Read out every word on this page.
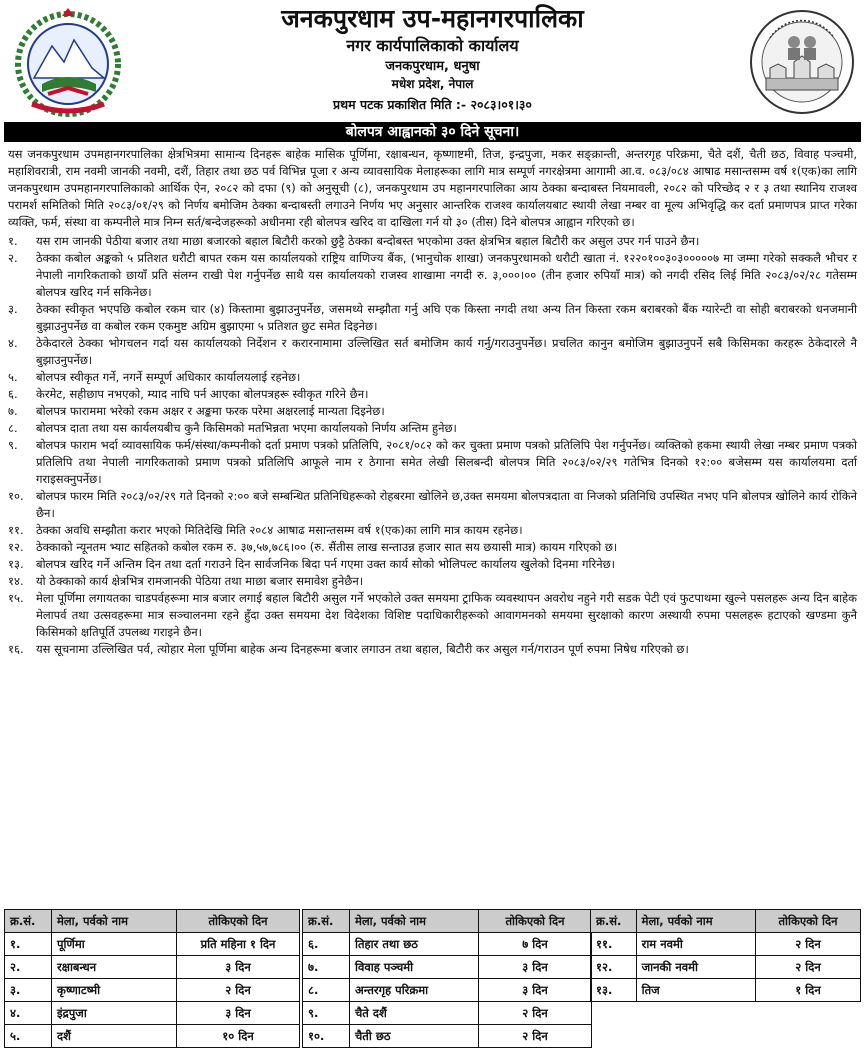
जनकपुरधाम उप-महानगरपालिका
नगर कार्यपालिकाको कार्यालय
जनकपुरधाम, धनुषा
मधेश प्रदेश, नेपाल
प्रथम पटक प्रकाशित मिति :- २०८३।०१।३०
बोलपत्र आह्वानको ३० दिने सूचना।

यस जनकपुरधाम उपमहानगरपालिका क्षेत्रभित्रमा सामान्य दिनहरू बाहेक मासिक पूर्णिमा, रक्षाबन्धन, कृष्णाष्टमी, तिज, इन्द्रपुजा, मकर सङ्क्रान्ती, अन्तरगृह परिक्रमा, चैते दशैं, चैती छठ, विवाह पञ्चमी, महाशिवरात्री, राम नवमी जानकी नवमी, दशैं, तिहार तथा छठ पर्व विभिन्न पूजा र अन्य व्यावसायिक मेलाहरूका लागि मात्र सम्पूर्ण नगरक्षेत्रमा आगामी आ.व. ०८३/०८४ आषाढ मसान्तसम्म वर्ष १(एक)का लागि जनकपुरधाम उपमहानगरपालिकाको आर्थिक ऐन, २०८२ को दफा (९) को अनुसूची (८), जनकपुरधाम उप महानगरपालिका आय ठेक्का बन्दाबस्त नियमावली, २०८२ को परिच्छेद २ र ३ तथा स्थानिय राजश्व परामर्श समितिको मिति २०८३/०१/२९ को निर्णय बमोजिम ठेक्का बन्दाबस्ती लगाउने निर्णय भए अनुसार आन्तरिक राजश्व कार्यालयबाट स्थायी लेखा नम्बर वा मूल्य अभिवृद्धि कर दर्ता प्रमाणपत्र प्राप्त गरेका व्यक्ति, फर्म, संस्था वा कम्पनीले मात्र निम्न सर्त/बन्देजहरूको अधीनमा रही बोलपत्र खरिद वा दाखिला गर्न यो ३० (तीस) दिने बोलपत्र आह्वान गरिएको छ।

१.	यस राम जानकी पेठीया बजार तथा माछा बजारको बहाल बिटौरी करको छुट्टै ठेक्का बन्दोबस्त भएकोमा उक्त क्षेत्रभित्र बहाल बिटौरी कर असुल उपर गर्न पाउने छैन।
२.	ठेक्का कबोल अङ्कको ५ प्रतिशत धरौटी बापत रकम यस कार्यालयको राष्ट्रिय वाणिज्य बैंक, (भानुचोक शाखा) जनकपुरधामको धरौटी खाता नं. १२२०१००३०३०००००७ मा जम्मा गरेको सक्कलै भौचर र नेपाली नागरिकताको छायाँ प्रति संलग्न राखी पेश गर्नुपर्नेछ साथै यस कार्यालयको राजस्व शाखामा नगदी रु. ३,०००।०० (तीन हजार रुपियाँ मात्र) को नगदी रसिद लिई मिति २०८३/०२/२८ गतेसम्म बोलपत्र खरिद गर्न सकिनेछ।
३.	ठेक्का स्वीकृत भएपछि कबोल रकम चार (४) किस्तामा बुझाउनुपर्नेछ, जसमध्ये सम्झौता गर्नु अघि एक किस्ता नगदी तथा अन्य तिन किस्ता रकम बराबरको बैंक ग्यारेन्टी वा सोही बराबरको धनजमानी बुझाउनुपर्नेछ वा कबोल रकम एकमुष्ट अग्रिम बुझाएमा ५ प्रतिशत छुट समेत दिइनेछ।
४.	ठेकेदारले ठेक्का भोगचलन गर्दा यस कार्यालयको निर्देशन र करारनामामा उल्लिखित सर्त बमोजिम कार्य गर्नु/गराउनुपर्नेछ। प्रचलित कानुन बमोजिम बुझाउनुपर्ने सबै किसिमका करहरू ठेकेदारले नै बुझाउनुपर्नेछ।
५.	बोलपत्र स्वीकृत गर्ने, नगर्ने सम्पूर्ण अधिकार कार्यालयलाई रहनेछ।
६.	केरमेट, सहीछाप नभएको, म्याद नाघि पर्न आएका बोलपत्रहरू स्वीकृत गरिने छैन।
७.	बोलपत्र फाराममा भरेको रकम अक्षर र अङ्कमा फरक परेमा अक्षरलाई मान्यता दिइनेछ।
८.	बोलपत्र दाता तथा यस कार्यलयबीच कुनै किसिमको मतभिन्नता भएमा कार्यालयको निर्णय अन्तिम हुनेछ।
९.	बोलपत्र फाराम भर्दा व्यावसायिक फर्म/संस्था/कम्पनीको दर्ता प्रमाण पत्रको प्रतिलिपि, २०८१/०८२ को कर चुक्ता प्रमाण पत्रको प्रतिलिपि पेश गर्नुपर्नेछ। व्यक्तिको हकमा स्थायी लेखा नम्बर प्रमाण पत्रको प्रतिलिपि तथा नेपाली नागरिकताको प्रमाण पत्रको प्रतिलिपि आफूले नाम र ठेगाना समेत लेखी सिलबन्दी बोलपत्र मिति २०८३/०२/२९ गतेभित्र दिनको १२:०० बजेसम्म यस कार्यालयमा दर्ता गराइसक्नुपर्नेछ।
१०.	बोलपत्र फारम मिति २०८३/०२/२९ गते दिनको २:०० बजे सम्बन्धित प्रतिनिधिहरूको रोहबरमा खोलिने छ,उक्त समयमा बोलपत्रदाता वा निजको प्रतिनिधि उपस्थित नभए पनि बोलपत्र खोलिने कार्य रोकिने छैन।
११.	ठेक्का अवधि सम्झौता करार भएको मितिदेखि मिति २०८४ आषाढ मसान्तसम्म वर्ष १(एक)का लागि मात्र कायम रहनेछ।
१२.	ठेक्काको न्यूनतम भ्याट सहितको कबोल रकम रु. ३७,५७,७८६।०० (रु. सैंतीस लाख सन्ताउन्न हजार सात सय छयासी मात्र) कायम गरिएको छ।
१३.	बोलपत्र खरिद गर्ने अन्तिम दिन तथा दर्ता गराउने दिन सार्वजनिक बिदा पर्न गएमा उक्त कार्य सोको भोलिपल्ट कार्यालय खुलेको दिनमा गरिनेछ।
१४.	यो ठेक्काको कार्य क्षेत्रभित्र रामजानकी पेठिया तथा माछा बजार समावेश हुनेछैन।
१५.	मेला पूर्णिमा लगायतका चाडपर्वहरूमा मात्र बजार लगाई बहाल बिटौरी असुल गर्ने भएकोले उक्त समयमा ट्राफिक व्यवस्थापन अवरोध नहुने गरी सडक पेटी एवं फुटपाथमा खुल्ने पसलहरू अन्य दिन बाहेक मेलापर्व तथा उत्सवहरूमा मात्र सञ्चालनमा रहने हुँदा उक्त समयमा देश विदेशका विशिष्ट पदाधिकारीहरूको आवागमनको समयमा सुरक्षाको कारण अस्थायी रुपमा पसलहरू हटाएको खण्डमा कुनै किसिमको क्षतिपूर्ति उपलब्ध गराइने छैन।
१६.	यस सूचनामा उल्लिखित पर्व, त्योहार मेला पूर्णिमा बाहेक अन्य दिनहरूमा बजार लगाउन तथा बहाल, बिटौरी कर असुल गर्न/गराउन पूर्ण रुपमा निषेध गरिएको छ।
क्र.सं.	मेला, पर्वको नाम	तोकिएको दिन
१.	पूर्णिमा	प्रति महिना १ दिन
२.	रक्षाबन्धन	३ दिन
३.	कृष्णाटष्मी	२ दिन
४.	इंद्रपुजा	३ दिन
५.	दशैं	१० दिन
क्र.सं.	मेला, पर्वको नाम	तोकिएको दिन
६.	तिहार तथा छठ	७ दिन
७.	विवाह पञ्चमी	३ दिन
८.	अन्तरगृह परिक्रमा	३ दिन
९.	चैते दशैं	२ दिन
१०.	चैती छठ	२ दिन
क्र.सं.	मेला, पर्वको नाम	तोकिएको दिन
११.	राम नवमी	२ दिन
१२.	जानकी नवमी	२ दिन
१३.	तिज	१ दिन
